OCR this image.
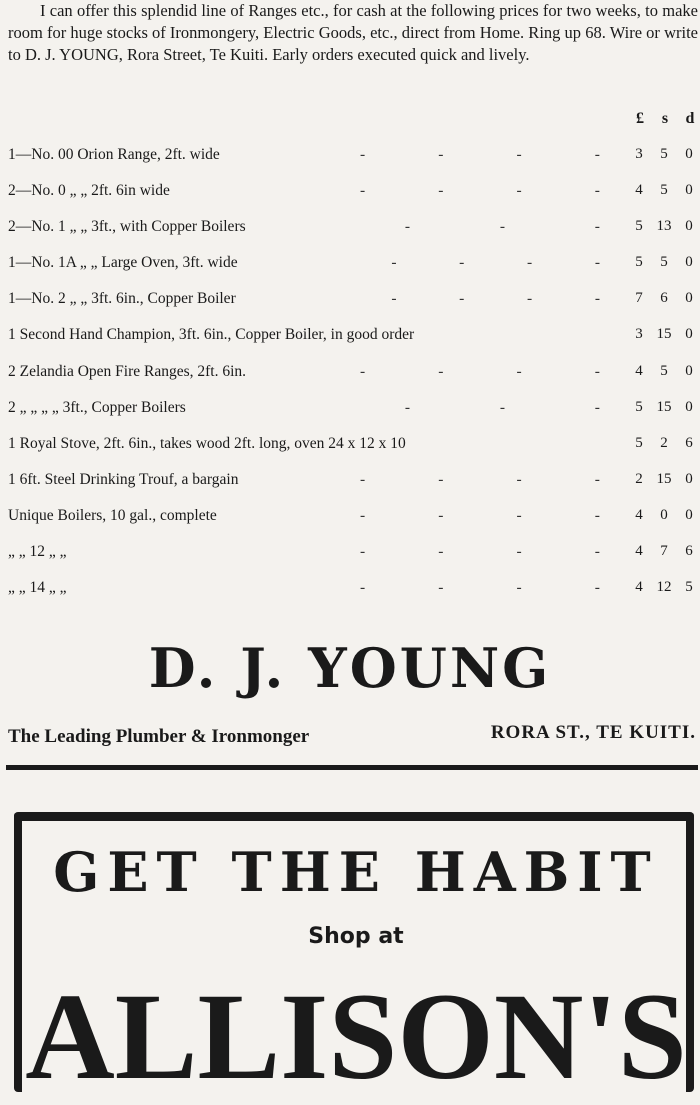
I can offer this splendid line of Ranges etc., for cash at the following prices for two weeks, to make room for huge stocks of Ironmongery, Electric Goods, etc., direct from Home. Ring up 68. Wire or write to D. J. YOUNG, Rora Street, Te Kuiti. Early orders executed quick and lively.

£	s	d
1—No. 00 Orion Range, 2ft. wide	-	-	-	-	3	5	0
2—No. 0 „ „ 2ft. 6in wide	-	-	-	-	4	5	0
2—No. 1 „ „ 3ft., with Copper Boilers	-	-	-	5 13 0
1—No. 1A „ „ Large Oven, 3ft. wide	-	-	-	-	5	5	0
1—No. 2 „ „ 3ft. 6in., Copper Boiler	-	-	-	-	7	6	0
1 Second Hand Champion, 3ft. 6in., Copper Boiler, in good order	3 15 0
2 Zelandia Open Fire Ranges, 2ft. 6in.	-	-	-	-	4	5	0
2 „ „ „ „ 3ft., Copper Boilers	-	-	-	5 15 0
1 Royal Stove, 2ft. 6in., takes wood 2ft. long, oven 24 x 12 x 10	5	2	6
1 6ft. Steel Drinking Trouf, a bargain	-	-	-	-	2 15 0
Unique Boilers, 10 gal., complete	-	-	-	-	4	0	0
„ „ 12 „ „	-	-	-	-	4	7	6
„ „ 14 „ „	-	-	-	-	4 12 5
D. J. YOUNG
The Leading Plumber & Ironmonger	RORA ST., TE KUITI.
GET THE HABIT
Shop at
ALLISON'S
